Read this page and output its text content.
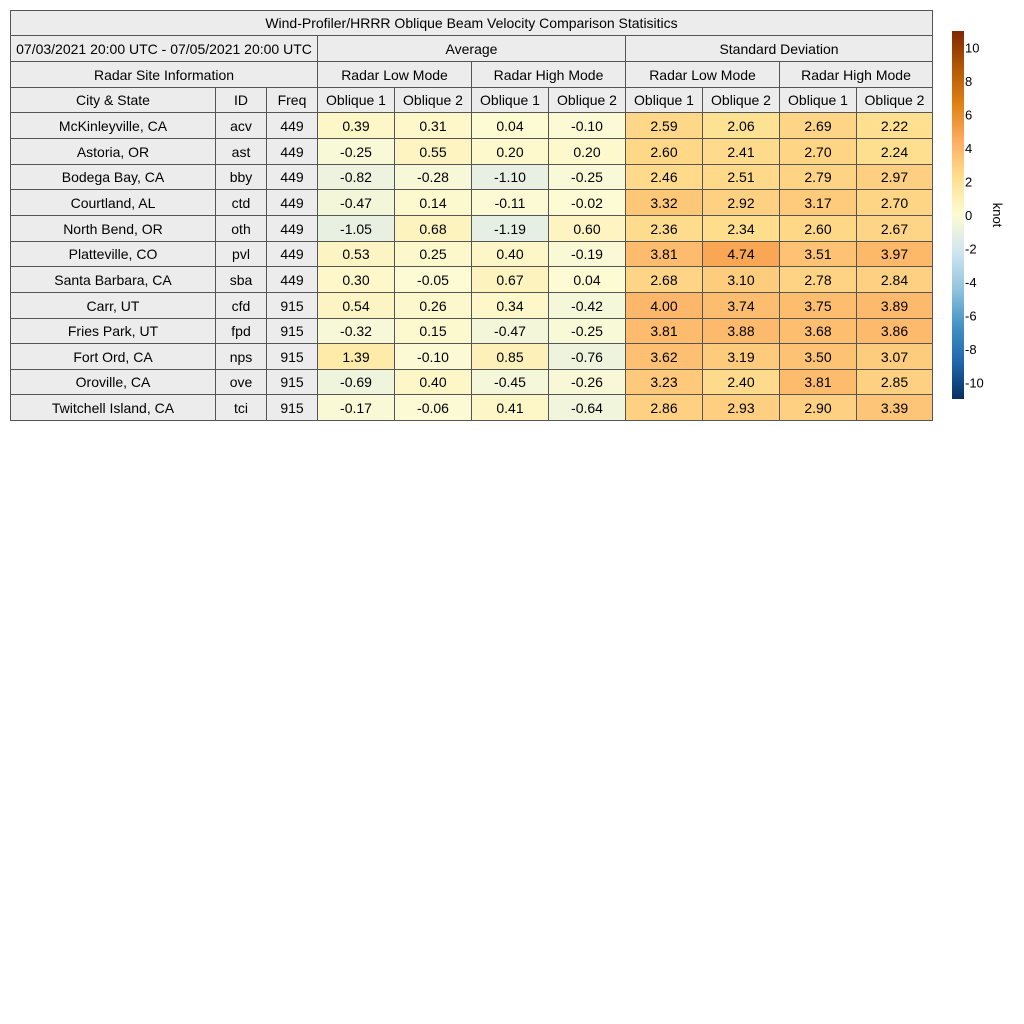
Wind-Profiler/HRRR Oblique Beam Velocity Comparison Statisitics
07/03/2021 20:00 UTC - 07/05/2021 20:00 UTC	Average	Standard Deviation
Radar Site Information	Radar Low Mode	Radar High Mode	Radar Low Mode	Radar High Mode
City & State	ID	Freq	Oblique 1	Oblique 2	Oblique 1	Oblique 2	Oblique 1	Oblique 2	Oblique 1	Oblique 2
McKinleyville, CA	acv	449	0.39	0.31	0.04	-0.10	2.59	2.06	2.69	2.22
Astoria, OR	ast	449	-0.25	0.55	0.20	0.20	2.60	2.41	2.70	2.24
Bodega Bay, CA	bby	449	-0.82	-0.28	-1.10	-0.25	2.46	2.51	2.79	2.97
Courtland, AL	ctd	449	-0.47	0.14	-0.11	-0.02	3.32	2.92	3.17	2.70
North Bend, OR	oth	449	-1.05	0.68	-1.19	0.60	2.36	2.34	2.60	2.67
Platteville, CO	pvl	449	0.53	0.25	0.40	-0.19	3.81	4.74	3.51	3.97
Santa Barbara, CA	sba	449	0.30	-0.05	0.67	0.04	2.68	3.10	2.78	2.84
Carr, UT	cfd	915	0.54	0.26	0.34	-0.42	4.00	3.74	3.75	3.89
Fries Park, UT	fpd	915	-0.32	0.15	-0.47	-0.25	3.81	3.88	3.68	3.86
Fort Ord, CA	nps	915	1.39	-0.10	0.85	-0.76	3.62	3.19	3.50	3.07
Oroville, CA	ove	915	-0.69	0.40	-0.45	-0.26	3.23	2.40	3.81	2.85
Twitchell Island, CA	tci	915	-0.17	-0.06	0.41	-0.64	2.86	2.93	2.90	3.39
10
8
6
4
2
0
-2
-4
-6
-8
-10
knot
